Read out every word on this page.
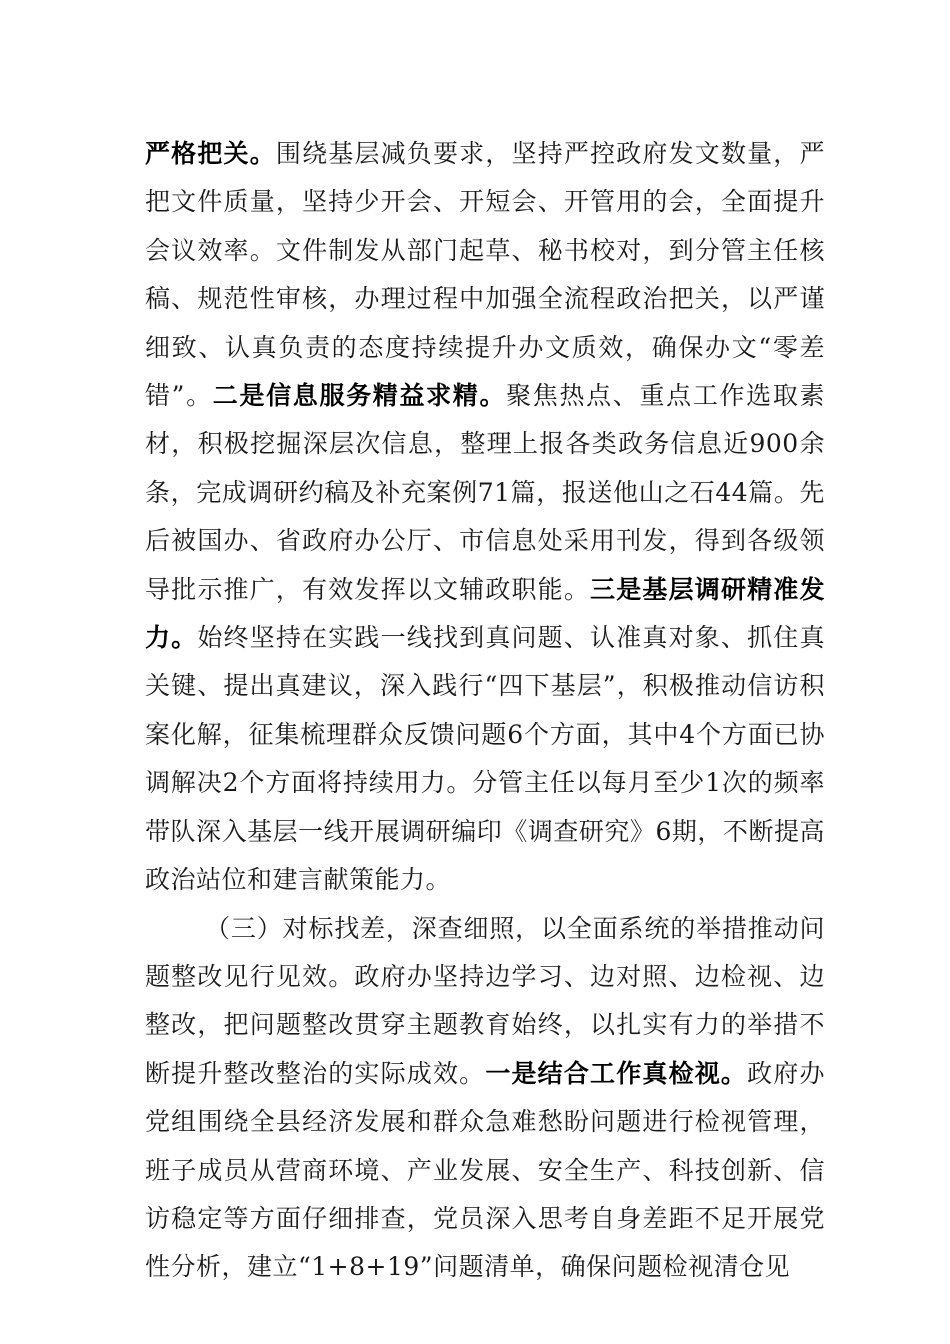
严格把关。围绕基层减负要求，坚持严控政府发文数量，严把文件质量，坚持少开会、开短会、开管用的会，全面提升会议效率。文件制发从部门起草、秘书校对，到分管主任核稿、规范性审核，办理过程中加强全流程政治把关，以严谨细致、认真负责的态度持续提升办文质效，确保办文“零差错”。二是信息服务精益求精。聚焦热点、重点工作选取素材，积极挖掘深层次信息，整理上报各类政务信息近900余条，完成调研约稿及补充案例71篇，报送他山之石44篇。先后被国办、省政府办公厅、市信息处采用刊发，得到各级领导批示推广，有效发挥以文辅政职能。三是基层调研精准发力。始终坚持在实践一线找到真问题、认准真对象、抓住真关键、提出真建议，深入践行“四下基层”，积极推动信访积案化解，征集梳理群众反馈问题6个方面，其中4个方面已协调解决2个方面将持续用力。分管主任以每月至少1次的频率带队深入基层一线开展调研编印《调查研究》6期，不断提高政治站位和建言献策能力。

（三）对标找差，深查细照，以全面系统的举措推动问题整改见行见效。政府办坚持边学习、边对照、边检视、边整改，把问题整改贯穿主题教育始终，以扎实有力的举措不断提升整改整治的实际成效。一是结合工作真检视。政府办党组围绕全县经济发展和群众急难愁盼问题进行检视管理，班子成员从营商环境、产业发展、安全生产、科技创新、信访稳定等方面仔细排查，党员深入思考自身差距不足开展党性分析，建立“1+8+19”问题清单，确保问题检视清仓见
